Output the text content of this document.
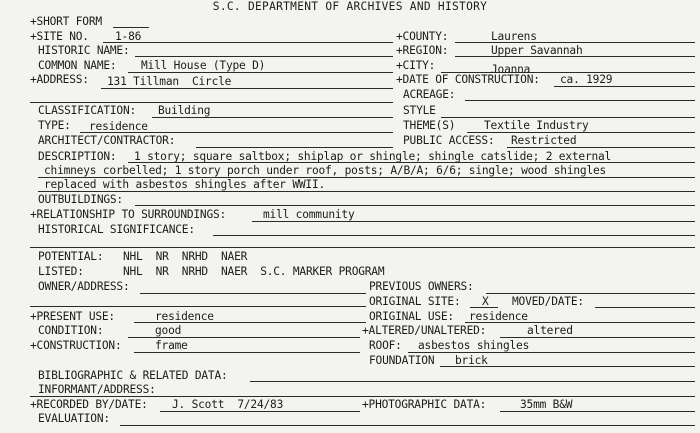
S.C. DEPARTMENT OF ARCHIVES AND HISTORY
+SHORT FORM
+SITE NO. 1-86	+COUNTY:	Laurens
HISTORIC NAME:	+REGION:	Upper Savannah
COMMON NAME: Mill House (Type D)	+CITY:	Joanna
+ADDRESS: 131 Tillman  Circle	+DATE OF CONSTRUCTION: ca. 1929
ACREAGE:
CLASSIFICATION: Building	STYLE
TYPE: residence	THEME(S)	Textile Industry
ARCHITECT/CONTRACTOR:	PUBLIC ACCESS: Restricted
DESCRIPTION: 1 story; square saltbox; shiplap or shingle; shingle catslide; 2 external
chimneys corbelled; 1 story porch under roof, posts; A/B/A; 6/6; single; wood shingles
replaced with asbestos shingles after WWII.
OUTBUILDINGS:
+RELATIONSHIP TO SURROUNDINGS:	mill community
HISTORICAL SIGNIFICANCE:
POTENTIAL:   NHL  NR  NRHD  NAER
LISTED:      NHL  NR  NRHD  NAER  S.C. MARKER PROGRAM
OWNER/ADDRESS:	PREVIOUS OWNERS:
ORIGINAL SITE: X MOVED/DATE:
+PRESENT USE:	residence	ORIGINAL USE: residence
CONDITION:	good	+ALTERED/UNALTERED:	altered
+CONSTRUCTION:	frame	ROOF: asbestos shingles
FOUNDATION brick
BIBLIOGRAPHIC & RELATED DATA:
INFORMANT/ADDRESS:
+RECORDED BY/DATE: J. Scott  7/24/83	+PHOTOGRAPHIC DATA:	35mm B&W
EVALUATION:
